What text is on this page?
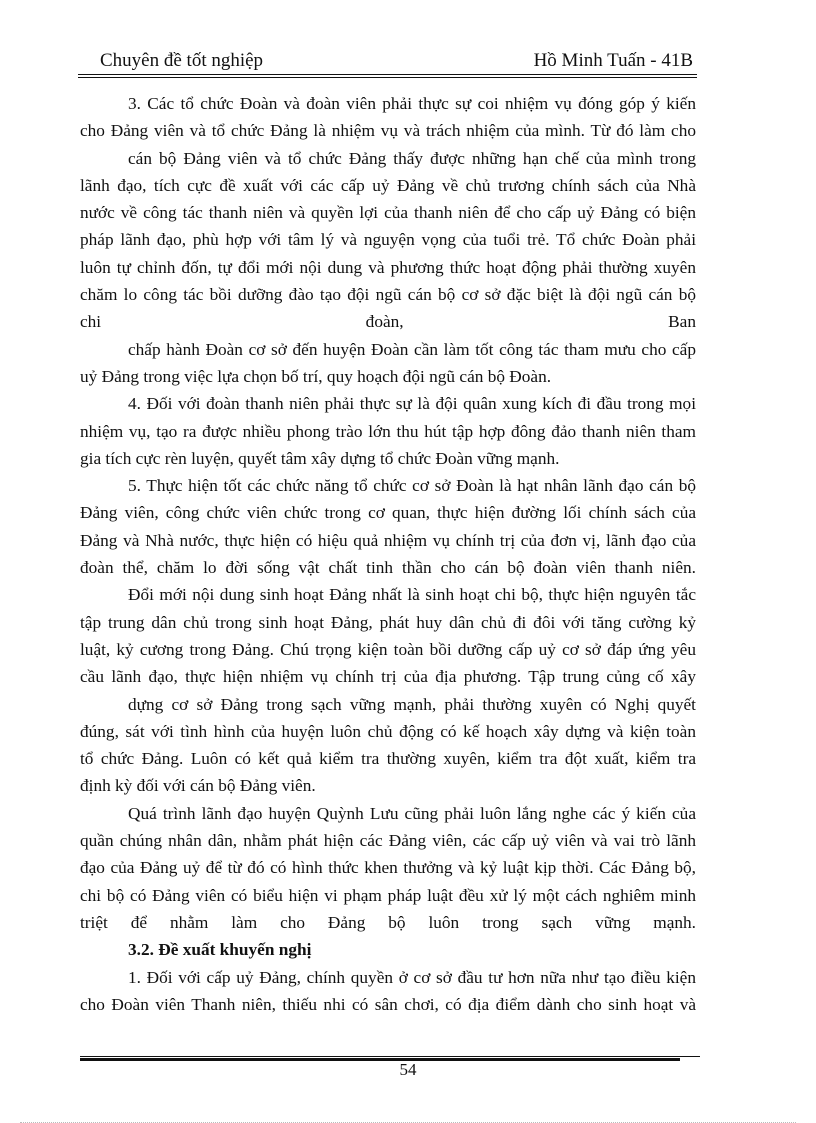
Chuyên đề tốt nghiệp	Hồ Minh Tuấn - 41B
3. Các tổ chức Đoàn và đoàn viên phải thực sự coi nhiệm vụ đóng góp ý kiến
cho Đảng viên và tổ chức Đảng là nhiệm vụ và trách nhiệm của mình. Từ đó làm cho
cán bộ Đảng viên và tổ chức Đảng thấy được những hạn chế của mình trong
lãnh đạo, tích cực đề xuất với các cấp uỷ Đảng về chủ trương chính sách của Nhà
nước về công tác thanh niên và quyền lợi của thanh niên để cho cấp uỷ Đảng có biện
pháp lãnh đạo, phù hợp với tâm lý và nguyện vọng của tuổi trẻ. Tổ chức Đoàn phải
luôn tự chỉnh đốn, tự đổi mới nội dung và phương thức hoạt động phải thường xuyên
chăm lo công tác bồi dưỡng đào tạo đội ngũ cán bộ cơ sở đặc biệt là đội ngũ cán bộ
chi đoàn, Ban
chấp hành Đoàn cơ sở đến huyện Đoàn cần làm tốt công tác tham mưu cho cấp
uỷ Đảng trong việc lựa chọn bố trí, quy hoạch đội ngũ cán bộ Đoàn.
4. Đối với đoàn thanh niên phải thực sự là đội quân xung kích đi đầu trong mọi
nhiệm vụ, tạo ra được nhiều phong trào lớn thu hút tập hợp đông đảo thanh niên tham
gia tích cực rèn luyện, quyết tâm xây dựng tổ chức Đoàn vững mạnh.
5. Thực hiện tốt các chức năng tổ chức cơ sở Đoàn là hạt nhân lãnh đạo cán bộ
Đảng viên, công chức viên chức trong cơ quan, thực hiện đường lối chính sách của
Đảng và Nhà nước, thực hiện có hiệu quả nhiệm vụ chính trị của đơn vị, lãnh đạo của
đoàn thể, chăm lo đời sống vật chất tinh thần cho cán bộ đoàn viên thanh niên.
Đổi mới nội dung sinh hoạt Đảng nhất là sinh hoạt chi bộ, thực hiện nguyên tắc
tập trung dân chủ trong sinh hoạt Đảng, phát huy dân chủ đi đôi với tăng cường kỷ
luật, kỷ cương trong Đảng. Chú trọng kiện toàn bồi dưỡng cấp uỷ cơ sở đáp ứng yêu
cầu lãnh đạo, thực hiện nhiệm vụ chính trị của địa phương. Tập trung củng cố xây
dựng cơ sở Đảng trong sạch vững mạnh, phải thường xuyên có Nghị quyết
đúng, sát với tình hình của huyện luôn chủ động có kế hoạch xây dựng và kiện toàn
tổ chức Đảng. Luôn có kết quả kiểm tra thường xuyên, kiểm tra đột xuất, kiểm tra
định kỳ đối với cán bộ Đảng viên.
Quá trình lãnh đạo huyện Quỳnh Lưu cũng phải luôn lắng nghe các ý kiến của
quần chúng nhân dân, nhằm phát hiện các Đảng viên, các cấp uỷ viên và vai trò lãnh
đạo của Đảng uỷ để từ đó có hình thức khen thưởng và kỷ luật kịp thời. Các Đảng bộ,
chi bộ có Đảng viên có biểu hiện vi phạm pháp luật đều xử lý một cách nghiêm minh
triệt để nhằm làm cho Đảng bộ luôn trong sạch vững mạnh.
3.2. Đề xuất khuyến nghị
1. Đối với cấp uỷ Đảng, chính quyền ở cơ sở đầu tư hơn nữa như tạo điều kiện
cho Đoàn viên Thanh niên, thiếu nhi có sân chơi, có địa điểm dành cho sinh hoạt và
54
